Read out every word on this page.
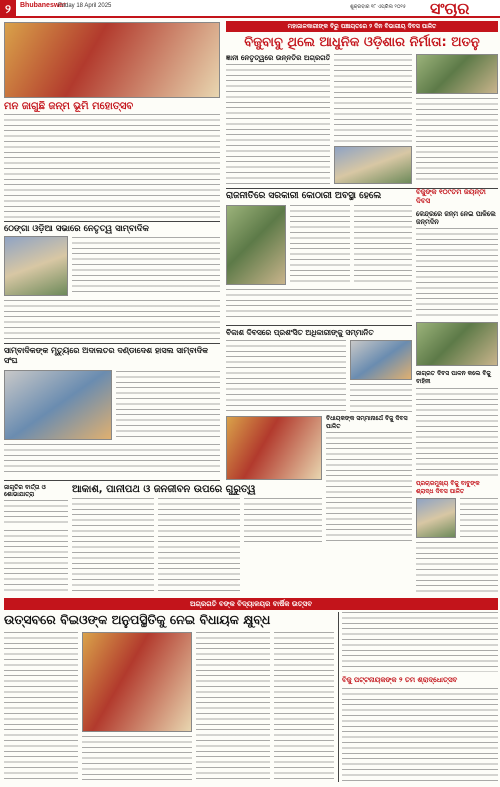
୨	Bhubaneswar
Friday 18 April 2025	ଶୁକ୍ରବାର ୧୮ ଏପ୍ରିଲ ୨୦୨୫ ସଂଚାର
ମନ ଜାଗୁଛି ଜନ୍ମ ଭୂମି ମହୋତ୍ସବ
ଠେଙ୍ଗା ଓଡ଼ିଆ ସଭାରେ ନେତୃତ୍ୱ ସାମ୍ବାଦିକ
ସାମ୍ବାଦିକଙ୍କ ମୃତ୍ୟୁରେ ଅଦାଲତର ଦଣ୍ଡାଦେଶ ହାସଲ ସାମ୍ବାଦିକ ସଂଘ
ଜାଗୃତିର ବାର୍ତ୍ତା ଓ ଶୋଭାଯାତ୍ରା
ମହାଜାଳକାରୀଙ୍କ ବିରୁ ପଞ୍ଚାୟତରେ ୨ ଦିନ ବିଭାଗୀୟ ଦିବସ ପାଳିତ
ବିଜୁବାବୁ ଥିଲେ ଆଧୁନିକ ଓଡ଼ିଶାର ନିର୍ମାତା: ଅତନୁ
ଜ୍ଞାନୀ ନେତୃତ୍ୱରେ ଉନ୍ନତିର ଅଗ୍ରଗତି
ରାଜନୀତିରେ ସରକାରୀ କୋଠାରୀ ଅବସ୍ଥା ହେଲେ	ବିଜୁଙ୍କ ୧୦୯ତମ ଜୟନ୍ତୀ ଦିବସ
କେନ୍ଦ୍ରରେ ଜନ୍ମ ନେଇ ପାଳିଲେ ଜନ୍ମଦିନ
ବିକାଶ ଦିବସରେ ପ୍ରଶଂସିତ ଅଧିକାରୀଙ୍କୁ ସମ୍ମାନିତ
ବିଧାୟକଙ୍କ ସମ୍ମାନାର୍ଥେ ବିଜୁ ଦିବସ ପାଳିତ
ଜାଗ୍ରତ ଦିବସ ପାଳନ କଲେ ବିଜୁ ବାହିନୀ
ଆକାଶ, ପାନୀପଥ ଓ ଜନଜୀବନ ଉପରେ ଗୁରୁତ୍ୱ
ପ୍ରଚାରମୁଖ୍ୟ ବିଜୁ ବାବୁଙ୍କ ଶ୍ରାଦ୍ଧ ଦିବସ ପାଳିତ
ଅଗ୍ରଗତି ବଙ୍କ ବିଦ୍ୟାଳୟର ବାର୍ଷିକ ଉତ୍ସବ
ଉତ୍ସବରେ ବିଇଓଙ୍କ ଅନୁପସ୍ଥିତିକୁ ନେଇ ବିଧାୟକ କ୍ଷୁବ୍ଧ
ବିଜୁ ପଟ୍ଟନାୟକଙ୍କ ୨ ତମ ଶ୍ରାଦ୍ଧୋତ୍ସବ
